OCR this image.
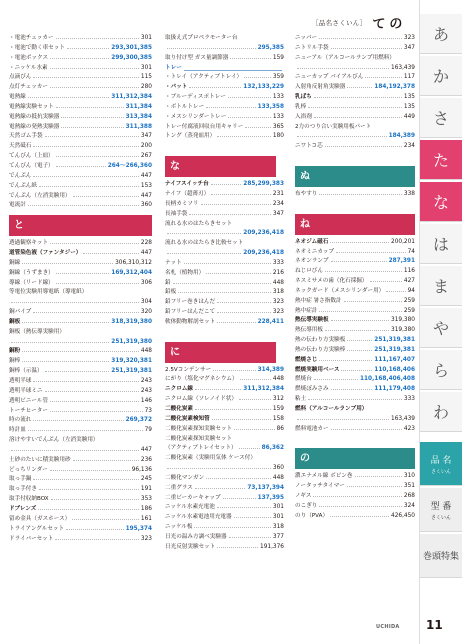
［品名さくいん］ ての
・電池チェッカー	301
・電池で動く車セット	293,301,385
・電池ボックス	299,300,385
・ニッケル水素	301
点滴びん	115
点灯チェッカー	280
電熱線	311,312,384
電熱線実験セット	311,384
電熱線の抵抗実験器	313,384
電熱線の発熱実験器	311,388
天然ゴム手袋	347
天然砥石	200
てんびん（上皿）	267
てんびん（電子）	264〜266,360
でんぷん	447
でんぷん紙	153
でんぷん（左消実験用）	447
電流計	360
と
透過観察キット	228
道管染色液（ファンタジー）	447
銅線	306,310,312
銅線（うずまき）	169,312,404
導線（リード線）	306
等電位実験用導電紙（導電紙）
304
銅パイプ	320
銅板	318,319,380
銅板（熱伝導実験用）
251,319,380
銅粉	448
銅棒	319,320,381
銅棒（示温）	251,319,381
透明半球	243
透明半球ミニ	243
透明ビニール管	146
トーチヒーター	73
時の流れ	269,372
時計皿	79
溶けやすいでんぷん（左消実験用）
447
土砂のたいに積実験用砂	236
どっちリンダー	96,136
取っ手鍋	245
取っ手付き	191
取手付収納BOX	353
ドブレンズ	186
留め金具（ガスホース）	161
トライアングルセット	195,374
ドライバーセット	323
取扱え式プロペラモーター台
295,385
取り付け型 ガス量調節器	159
トレー
・トレイ（アクティブトレイ）	359
・パット	132,133,229
・ブルーディスポトレー	133
・ボトルトレー	133,358
・メスシリンダートレー	133
トレー付腐液回収台用キャリー	365
トング（蒸発皿用）	180
な
ナイフスイッチ台	285,299,383
ナイフ（超薄刃）	231
長柄カミソリ	234
長袖手袋	347
流れる水のはたらきセット
209,236,418
流れる水のはたらき比較セット
209,236,418
ナット	333
名札（植物用）	216
鉛	448
鉛板	318
鉛フリー巻きはんだ	323
鉛フリーはんだこて	323
軟体動物解剖セット	228,411
に
2.5Vコンデンサー	314,389
にがり（塩化マグネシウム）	448
ニクロム線	311,312,384
ニクロム線（ソレノイド状）	312
二酸化炭素	159
二酸化炭素検知管	158
二酸化炭素探知実験セット	86
二酸化炭素探知実験セット
（アクティブトレイセット）	86,362
二酸化炭素（実験用気体 ケース付）
360
二酸化マンガン	448
二重グラス	73,137,394
二重ビーカーキャップ	137,395
ニッケル水素充電池	301
ニッケル水素電池用充電器	301
ニッケル板	318
日光の温み方調べ実験器	377
日光反射実験セット	191,376
ニッパー	323
ニトリル手袋	347
ニューアル（アルコールランプ用燃料）
163,439
ニューカップ バイアルびん	117
入射角反射角実験器	184,192,378
乳ばち	135
乳棒	135
入浴剤	449
2力のつり合い実験用板パート
184,389
ニワトコ芯	234
ぬ
布やすり	338
ね
ネオジム磁石	200,201
ネオミニカップ	74
ネオンランプ	287,391
ねじロびん	116
ネスミサメの歯（化石採掘）	427
ネックガード（メスシリンダー用）	94
熱中症 暑さ指数計	259
熱中症計	259
熱伝導実験板	319,380
熱伝導用板	319,380
熱の伝わり方実験板	251,319,381
熱の伝わり方実験棒	251,319,381
燃焼さじ	111,167,407
燃焼実験用ベース	110,168,406
燃焼台	110,168,406,408
燃焼ぼみさみ	111,179,408
粘土	333
燃料（アルコールランプ用）
163,439
燃料電池カー	423
の
濃エナメル線 ボビン巻	310
ノータッチタイマー	351
ノギス	268
のこぎり	324
のり（PVA）	426,450
あ
か
さ
た
な
は
ま
や
ら
わ
品 名
さくいん
型 番
さくいん
巻頭特集
UCHIDA 11
